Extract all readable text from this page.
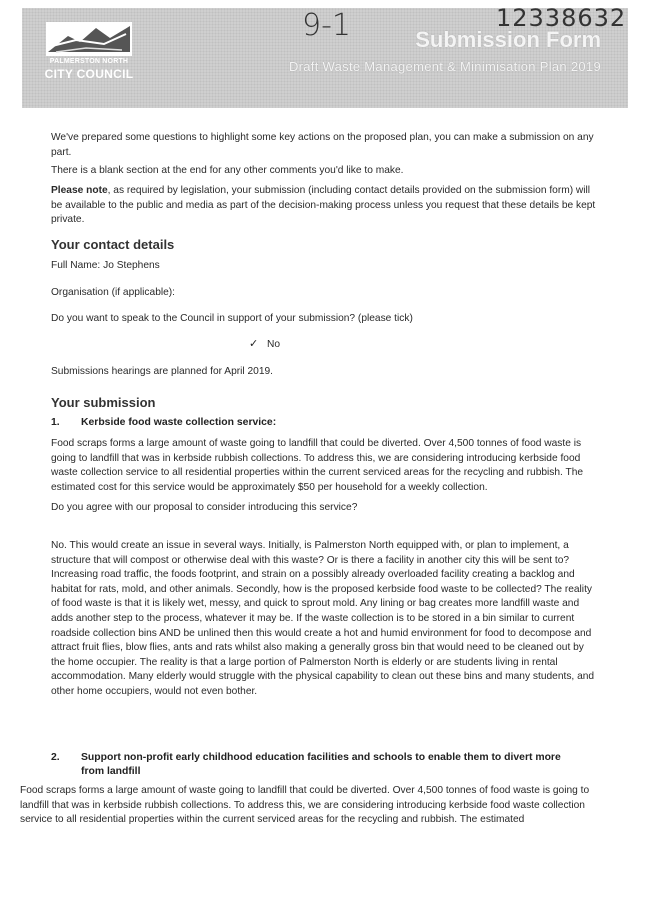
PALMERSTON NORTH
CITY COUNCIL
Submission Form
Draft Waste Management & Minimisation Plan 2019
9-1	12338632
We've prepared some questions to highlight some key actions on the proposed plan, you can make a submission on any part.
There is a blank section at the end for any other comments you'd like to make.
Please note, as required by legislation, your submission (including contact details provided on the submission form) will be available to the public and media as part of the decision-making process unless you request that these details be kept private.
Your contact details
Full Name: Jo Stephens
Organisation (if applicable):
Do you want to speak to the Council in support of your submission? (please tick)
✓ No
Submissions hearings are planned for April 2019.
Your submission
1. Kerbside food waste collection service:
Food scraps forms a large amount of waste going to landfill that could be diverted. Over 4,500 tonnes of food waste is going to landfill that was in kerbside rubbish collections. To address this, we are considering introducing kerbside food waste collection service to all residential properties within the current serviced areas for the recycling and rubbish. The estimated cost for this service would be approximately $50 per household for a weekly collection.
Do you agree with our proposal to consider introducing this service?
No. This would create an issue in several ways. Initially, is Palmerston North equipped with, or plan to implement, a structure that will compost or otherwise deal with this waste? Or is there a facility in another city this will be sent to? Increasing road traffic, the foods footprint, and strain on a possibly already overloaded facility creating a backlog and habitat for rats, mold, and other animals. Secondly, how is the proposed kerbside food waste to be collected? The reality of food waste is that it is likely wet, messy, and quick to sprout mold. Any lining or bag creates more landfill waste and adds another step to the process, whatever it may be. If the waste collection is to be stored in a bin similar to current roadside collection bins AND be unlined then this would create a hot and humid environment for food to decompose and attract fruit flies, blow flies, ants and rats whilst also making a generally gross bin that would need to be cleaned out by the home occupier. The reality is that a large portion of Palmerston North is elderly or are students living in rental accommodation. Many elderly would struggle with the physical capability to clean out these bins and many students, and other home occupiers, would not even bother.
2. Support non-profit early childhood education facilities and schools to enable them to divert more
from landfill
Food scraps forms a large amount of waste going to landfill that could be diverted. Over 4,500 tonnes of food waste is going to landfill that was in kerbside rubbish collections. To address this, we are considering introducing kerbside food waste collection service to all residential properties within the current serviced areas for the recycling and rubbish. The estimated
